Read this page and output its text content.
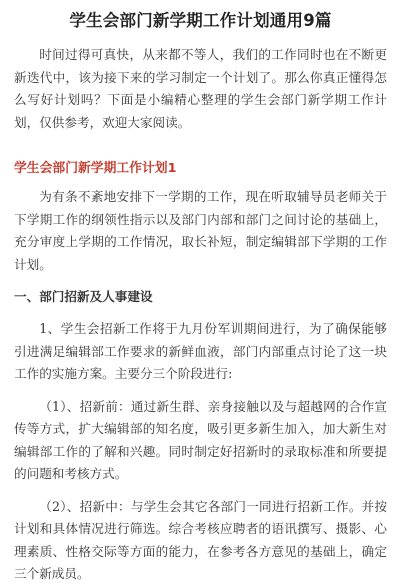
学生会部门新学期工作计划通用9篇

时间过得可真快，从来都不等人，我们的工作同时也在不断更新迭代中，该为接下来的学习制定一个计划了。那么你真正懂得怎么写好计划吗？下面是小编精心整理的学生会部门新学期工作计划，仅供参考，欢迎大家阅读。

学生会部门新学期工作计划1

为有条不紊地安排下一学期的工作，现在听取辅导员老师关于下学期工作的纲领性指示以及部门内部和部门之间讨论的基础上，充分审度上学期的工作情况，取长补短，制定编辑部下学期的工作计划。

一、部门招新及人事建设

1、学生会招新工作将于九月份军训期间进行，为了确保能够引进满足编辑部工作要求的新鲜血液，部门内部重点讨论了这一块工作的实施方案。主要分三个阶段进行:

（1）、招新前：通过新生群、亲身接触以及与超越网的合作宣传等方式，扩大编辑部的知名度，吸引更多新生加入，加大新生对编辑部工作的了解和兴趣。同时制定好招新时的录取标准和所要提的问题和考核方式。

（2）、招新中：与学生会其它各部门一同进行招新工作。并按计划和具体情况进行筛选。综合考核应聘者的语讯撰写、摄影、心理素质、性格交际等方面的能力，在参考各方意见的基础上，确定三个新成员。
